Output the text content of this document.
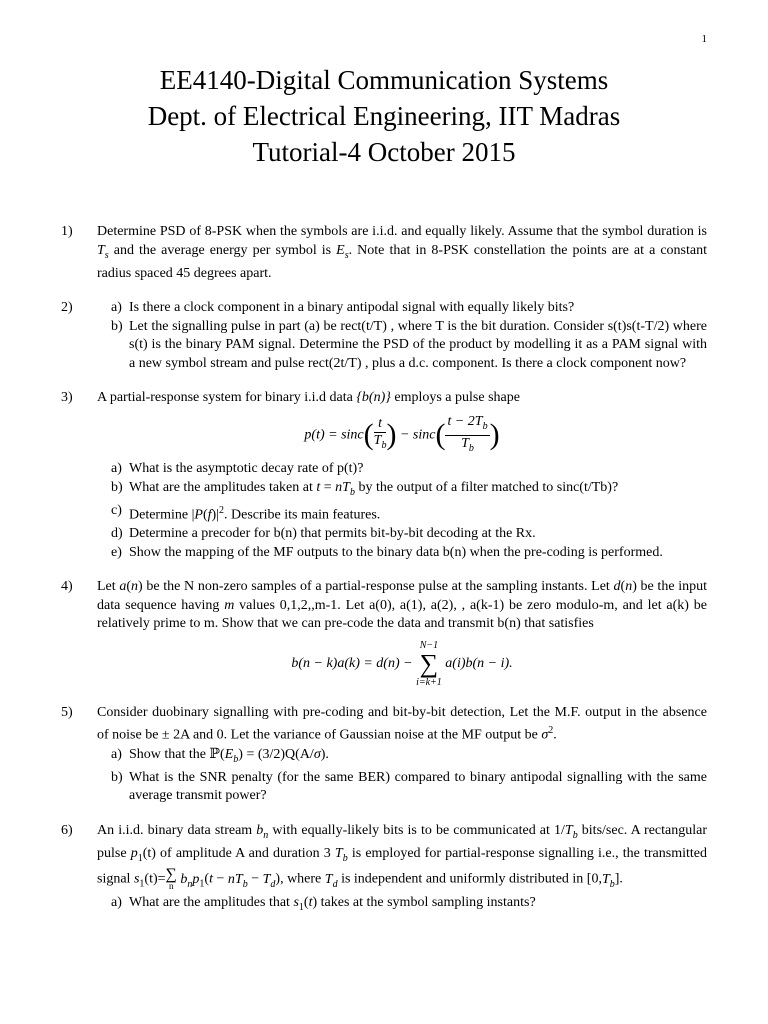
1
EE4140-Digital Communication Systems
Dept. of Electrical Engineering, IIT Madras
Tutorial-4 October 2015
1) Determine PSD of 8-PSK when the symbols are i.i.d. and equally likely. Assume that the symbol duration is $T_s$ and the average energy per symbol is $E_s$. Note that in 8-PSK constellation the points are at a constant radius spaced 45 degrees apart.
2)	a) Is there a clock component in a binary antipodal signal with equally likely bits?
b) Let the signalling pulse in part (a) be rect(t/T) , where T is the bit duration. Consider s(t)s(t-T/2) where s(t) is the binary PAM signal. Determine the PSD of the product by modelling it as a PAM signal with a new symbol stream and pulse rect(2t/T) , plus a d.c. component. Is there a clock component now?
3) A partial-response system for binary i.i.d data {b(n)} employs a pulse shape
$p(t) = \sin c( \frac{t}{T_b}$ ) − $\sin c( \frac{t - 2T_b}{T_b}$ )
a) What is the asymptotic decay rate of p(t)?
b) What are the amplitudes taken at $t = nT_b$ by the output of a filter matched to sinc(t/Tb)?
c) Determine $|P(f)|^2$. Describe its main features.
d) Determine a precoder for b(n) that permits bit-by-bit decoding at the Rx.
e) Show the mapping of the MF outputs to the binary data b(n) when the pre-coding is performed.
4) Let a(n) be the N non-zero samples of a partial-response pulse at the sampling instants. Let d(n) be the input data sequence having m values 0,1,2,,m-1. Let a(0), a(1), a(2), , a(k-1) be zero modulo-m, and let a(k) be relatively prime to m. Show that we can pre-code the data and transmit b(n) that satisfies
b(n − k)a(k) = d(n) −
N−1
∑
i=k+1
a(i)b(n − i).
5) Consider duobinary signalling with pre-coding and bit-by-bit detection, Let the M.F. output in the absence of noise be ± 2A and 0. Let the variance of Gaussian noise at the MF output be $\sigma^2$.
a) Show that the $ℙ(E_b) = (3/2)Q(A/\sigma)$.
b) What is the SNR penalty (for the same BER) compared to binary antipodal signalling with the same average transmit power?
6) An i.i.d. binary data stream $b_n$ with equally-likely bits is to be communicated at $1/T_b$ bits/sec. A rectangular pulse $p_1(t)$ of amplitude A and duration 3 $T_b$ is employed for partial-response signalling i.e., the transmitted signal $s_1(t)=$ ∑
n $b_np_1(t - nT_b - T_d)$, where $T_d$ is independent and uniformly distributed in $[0,T_b]$.
a) What are the amplitudes that $s_1(t)$ takes at the symbol sampling instants?
